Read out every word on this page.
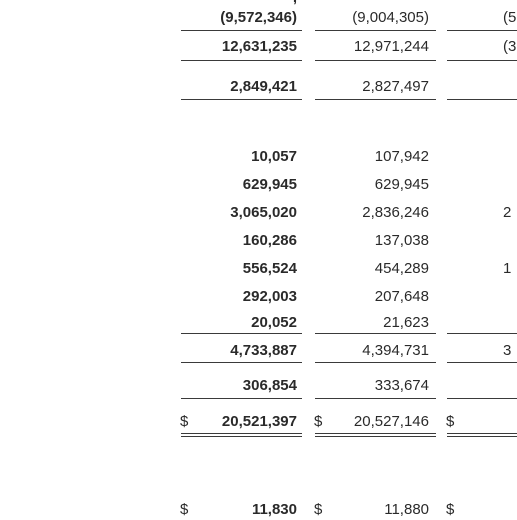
(9,572,346)	(9,004,305)	(5
12,631,235	12,971,244	(3
2,849,421	2,827,497
10,057	107,942
629,945	629,945
3,065,020	2,836,246	2
160,286	137,038
556,524	454,289	1
292,003	207,648
20,052	21,623
4,733,887	4,394,731	3
306,854	333,674
$ 20,521,397 $ 20,527,146 $
$	11,830 $	11,880 $
